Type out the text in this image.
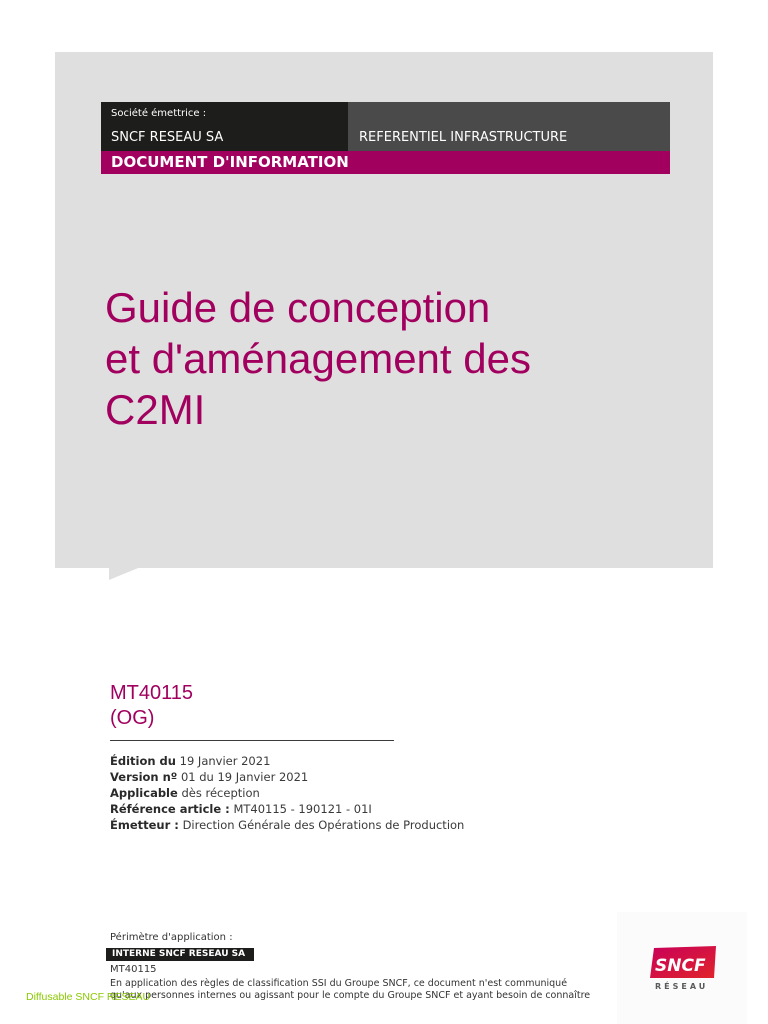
Société émettrice :
SNCF RESEAU SA	REFERENTIEL INFRASTRUCTURE
DOCUMENT D'INFORMATION
Guide de conception
et d'aménagement des
C2MI
MT40115
(OG)
Édition du 19 Janvier 2021
Version nº 01 du 19 Janvier 2021
Applicable dès réception
Référence article : MT40115 - 190121 - 01I
Émetteur : Direction Générale des Opérations de Production
Périmètre d'application :
INTERNE SNCF RESEAU SA
MT40115
En application des règles de classification SSI du Groupe SNCF, ce document n'est communiqué
qu'aux personnes internes ou agissant pour le compte du Groupe SNCF et ayant besoin de connaître
Diffusable SNCF RESEAU
SNCF
RÉSEAU
